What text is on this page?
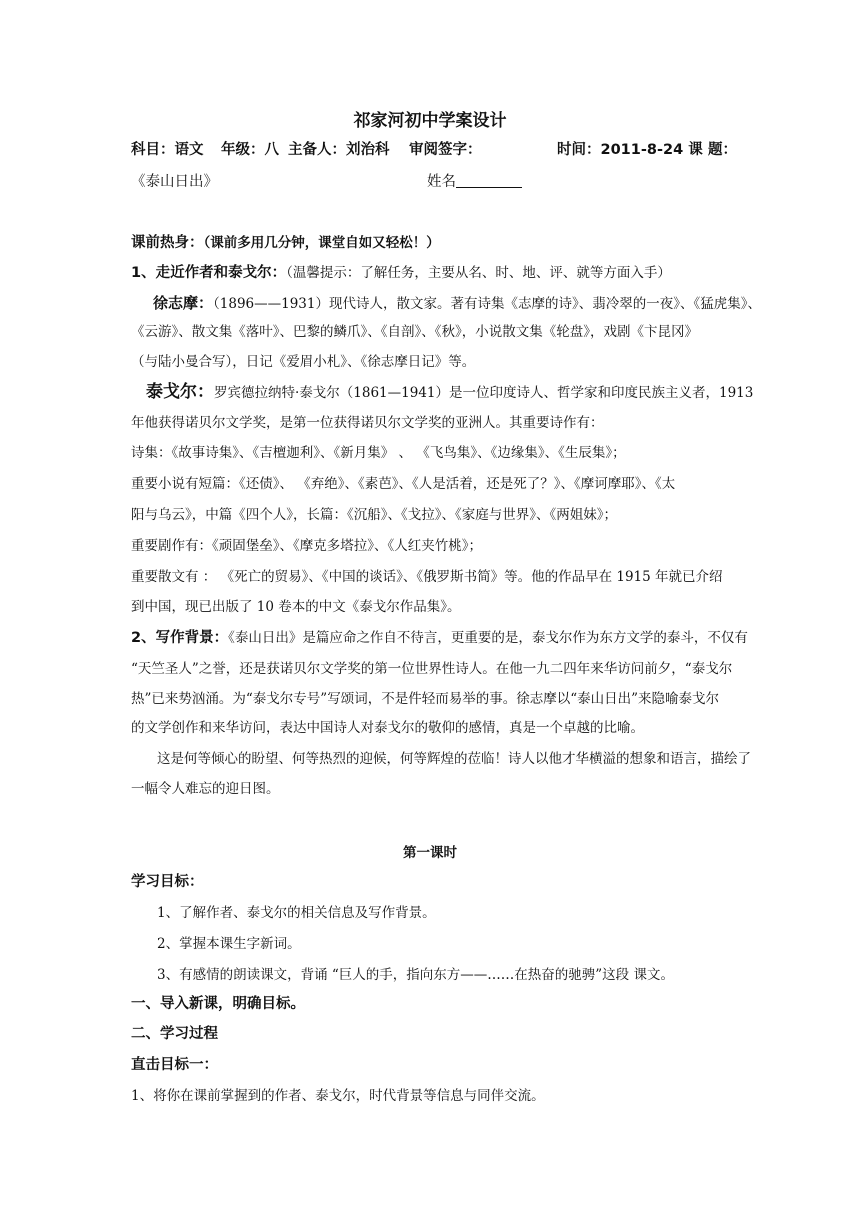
祁家河初中学案设计
科目：语文 年级：八 主备人：刘治科 审阅签字：	时间：2011-8-24 课 题：
《泰山日出》	姓名
课前热身：（课前多用几分钟，课堂自如又轻松！）
1、走近作者和泰戈尔：（温馨提示：了解任务，主要从名、时、地、评、就等方面入手）
徐志摩：（1896——1931）现代诗人，散文家。著有诗集《志摩的诗》、翡冷翠的一夜》、《猛虎集》、
《云游》、散文集《落叶》、巴黎的鳞爪》、《自剖》、《秋》，小说散文集《轮盘》，戏剧《卞昆冈》
（与陆小曼合写），日记《爱眉小札》、《徐志摩日记》等。
泰戈尔：罗宾德拉纳特·泰戈尔（1861—1941）是一位印度诗人、哲学家和印度民族主义者，1913
年他获得诺贝尔文学奖，是第一位获得诺贝尔文学奖的亚洲人。其重要诗作有：
诗集：《故事诗集》、《吉檀迦利》、《新月集》 、 《飞鸟集》、《边缘集》、《生辰集》；
重要小说有短篇：《还债》、 《弃绝》、《素芭》、《人是活着，还是死了？》、《摩诃摩耶》、《太
阳与乌云》，中篇《四个人》，长篇：《沉船》、《戈拉》、《家庭与世界》、《两姐妹》；
重要剧作有：《顽固堡垒》、《摩克多塔拉》、《人红夹竹桃》；
重要散文有 ： 《死亡的贸易》、《中国的谈话》、《俄罗斯书简》等。他的作品早在 1915 年就已介绍
到中国，现已出版了 10 卷本的中文《泰戈尔作品集》。
2、写作背景：《泰山日出》是篇应命之作自不待言，更重要的是，泰戈尔作为东方文学的泰斗，不仅有
“天竺圣人”之誉，还是获诺贝尔文学奖的第一位世界性诗人。在他一九二四年来华访问前夕，“泰戈尔
热”已来势汹涌。为“泰戈尔专号”写颂词，不是件轻而易举的事。徐志摩以“泰山日出”来隐喻泰戈尔
的文学创作和来华访问，表达中国诗人对泰戈尔的敬仰的感情，真是一个卓越的比喻。
这是何等倾心的盼望、何等热烈的迎候，何等辉煌的莅临！诗人以他才华横溢的想象和语言，描绘了
一幅令人难忘的迎日图。
第一课时
学习目标：
1、了解作者、泰戈尔的相关信息及写作背景。
2、掌握本课生字新词。
3、有感情的朗读课文，背诵 “巨人的手，指向东方——……在热奋的驰骋”这段 课文。
一、导入新课，明确目标。
二、学习过程
直击目标一：
1、将你在课前掌握到的作者、泰戈尔，时代背景等信息与同伴交流。
